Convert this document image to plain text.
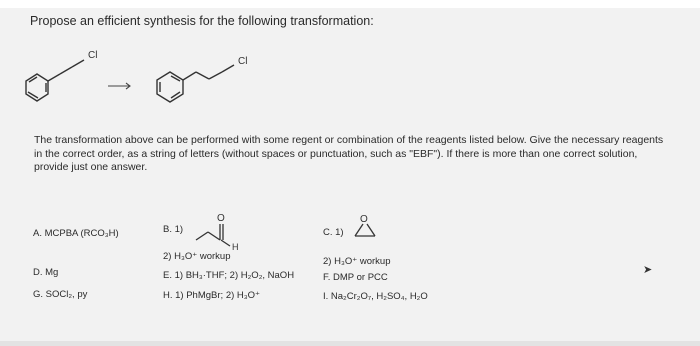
Propose an efficient synthesis for the following transformation:
Cl
Cl
The transformation above can be performed with some regent or combination of the reagents listed below. Give the necessary reagents in the correct order, as a string of letters (without spaces or punctuation, such as "EBF"). If there is more than one correct solution, provide just one answer.
A. MCPBA (RCO₃H)
D. Mg
G. SOCl₂, py
B. 1)
O
H
2) H₃O⁺ workup
E. 1) BH₃·THF; 2) H₂O₂, NaOH
H. 1) PhMgBr; 2) H₃O⁺
C. 1)
O
2) H₃O⁺ workup
F. DMP or PCC
I. Na₂Cr₂O₇, H₂SO₄, H₂O
➤
